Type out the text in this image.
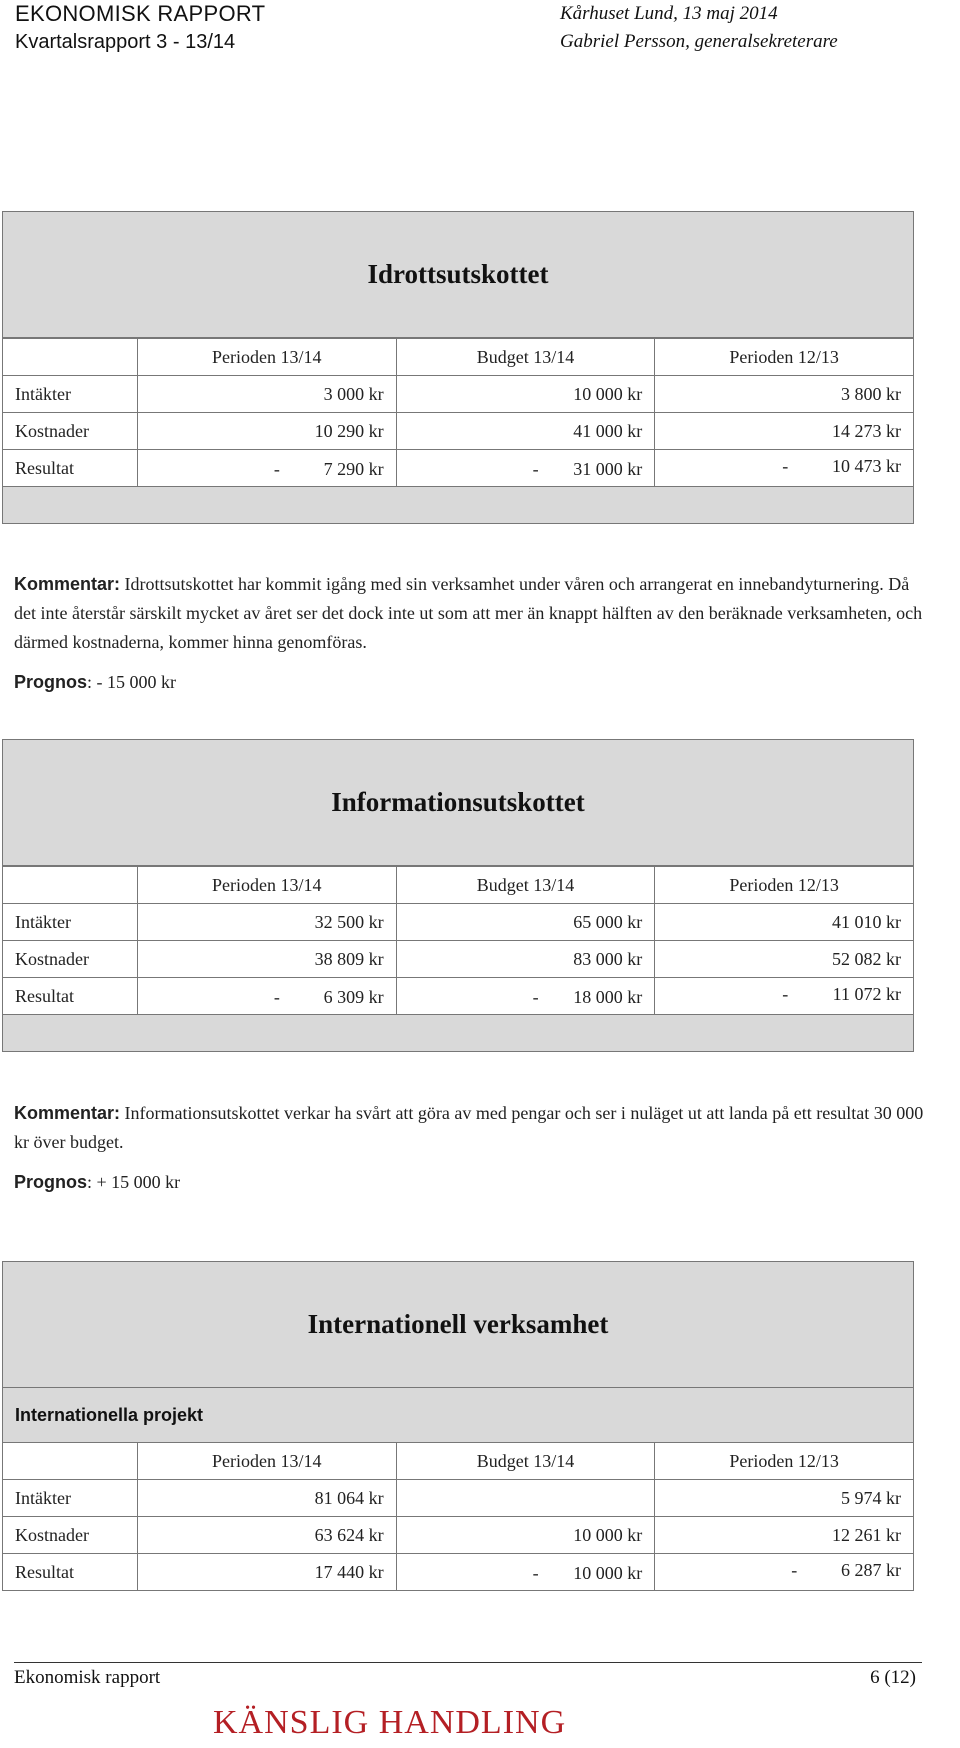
EKONOMISK RAPPORT
Kvartalsrapport 3 - 13/14
Kårhuset Lund, 13 maj 2014
Gabriel Persson, generalsekreterare
Idrottsutskottet
	Perioden 13/14	Budget 13/14	Perioden 12/13
Intäkter	3 000 kr	10 000 kr	3 800 kr
Kostnader	10 290 kr	41 000 kr	14 273 kr
Resultat	- 7 290 kr	- 31 000 kr	- 10 473 kr
Kommentar: Idrottsutskottet har kommit igång med sin verksamhet under våren och arrangerat en innebandyturnering. Då det inte återstår särskilt mycket av året ser det dock inte ut som att mer än knappt hälften av den beräknade verksamheten, och därmed kostnaderna, kommer hinna genomföras.
Prognos: - 15 000 kr
Informationsutskottet
	Perioden 13/14	Budget 13/14	Perioden 12/13
Intäkter	32 500 kr	65 000 kr	41 010 kr
Kostnader	38 809 kr	83 000 kr	52 082 kr
Resultat	- 6 309 kr	- 18 000 kr	- 11 072 kr
Kommentar: Informationsutskottet verkar ha svårt att göra av med pengar och ser i nuläget ut att landa på ett resultat 30 000 kr över budget.
Prognos: + 15 000 kr
Internationell verksamhet
Internationella projekt
	Perioden 13/14	Budget 13/14	Perioden 12/13
Intäkter	81 064 kr		5 974 kr
Kostnader	63 624 kr	10 000 kr	12 261 kr
Resultat	17 440 kr	- 10 000 kr	- 6 287 kr
Ekonomisk rapport	6 (12)
KÄNSLIG HANDLING
